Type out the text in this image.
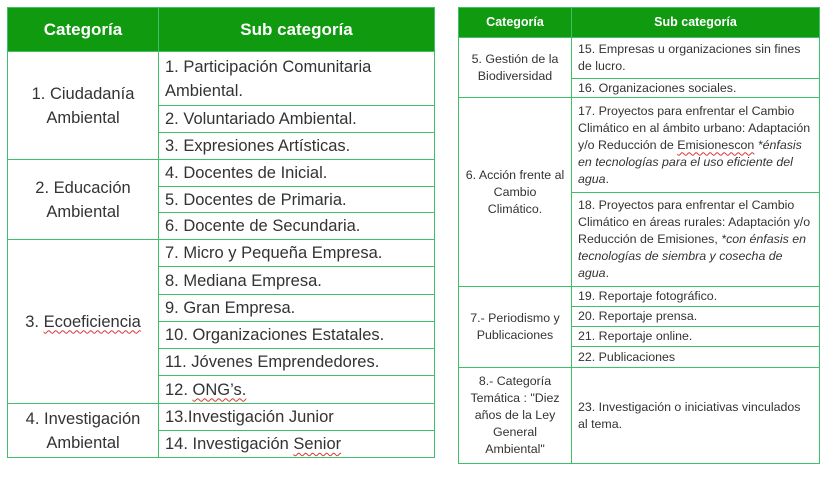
Categoría	Sub categoría
1. Ciudadanía Ambiental	1. Participación Comunitaria Ambiental.
	2. Voluntariado Ambiental.
	3. Expresiones Artísticas.
2. Educación Ambiental	4. Docentes de Inicial.
	5. Docentes de Primaria.
	6. Docente de Secundaria.
3. Ecoeficiencia	7. Micro y Pequeña Empresa.
	8. Mediana Empresa.
	9. Gran Empresa.
	10. Organizaciones Estatales.
	11. Jóvenes Emprendedores.
	12. ONG’s.
4. Investigación Ambiental	13.Investigación Junior
	14. Investigación Senior
Categoría	Sub categoría
5. Gestión de la Biodiversidad	15. Empresas u organizaciones sin fines de lucro.
	16. Organizaciones sociales.
6. Acción frente al Cambio Climático.	17. Proyectos para enfrentar el Cambio Climático en al ámbito urbano: Adaptación y/o Reducción de Emisionescon *énfasis en tecnologías para el uso eficiente del agua.
	18. Proyectos para enfrentar el Cambio Climático en áreas rurales: Adaptación y/o Reducción de Emisiones, *con énfasis en tecnologías de siembra y cosecha de agua.
7.- Periodismo y Publicaciones	19. Reportaje fotográfico.
	20. Reportaje prensa.
	21. Reportaje online.
	22. Publicaciones
8.- Categoría Temática : "Diez años de la Ley General Ambiental"	23. Investigación o iniciativas vinculados al tema.
